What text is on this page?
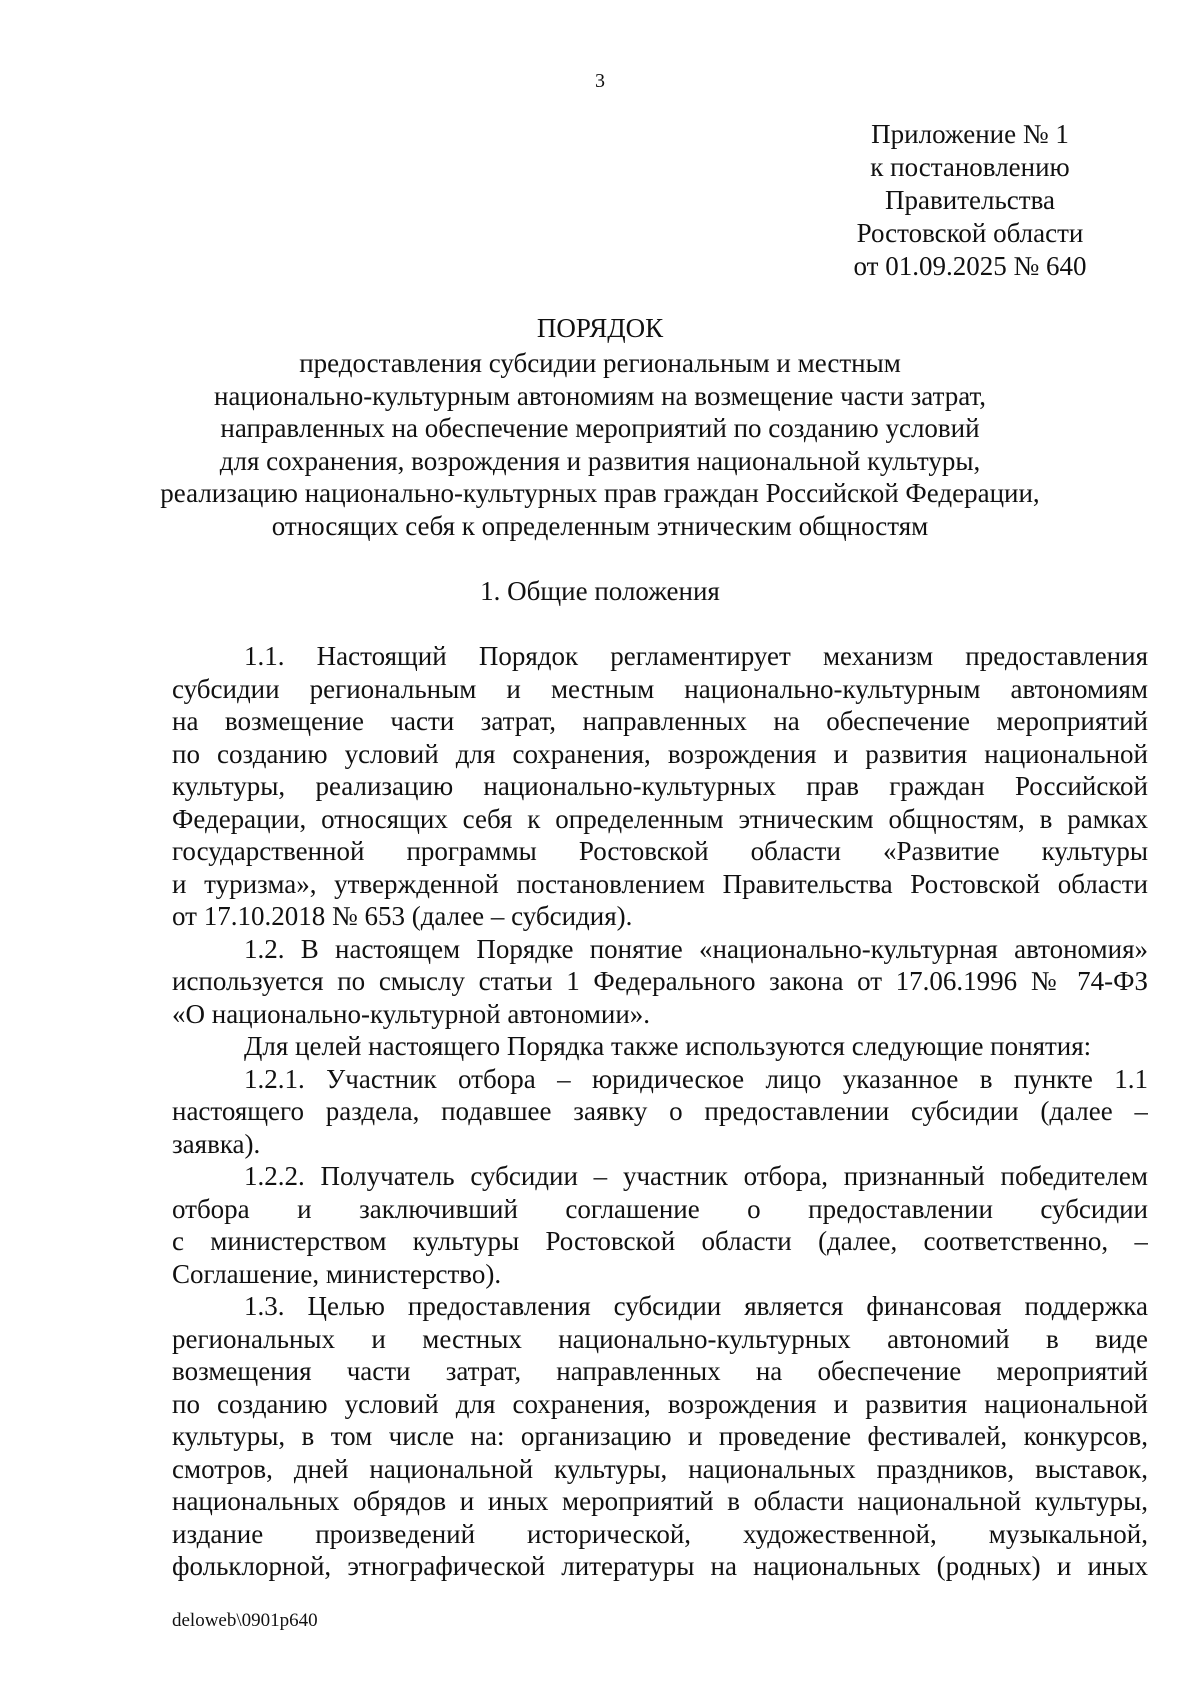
3
Приложение № 1
к постановлению
Правительства
Ростовской области
от 01.09.2025 № 640
ПОРЯДОК
предоставления субсидии региональным и местным
национально-культурным автономиям на возмещение части затрат,
направленных на обеспечение мероприятий по созданию условий
для сохранения, возрождения и развития национальной культуры,
реализацию национально-культурных прав граждан Российской Федерации,
относящих себя к определенным этническим общностям
1. Общие положения
1.1. Настоящий Порядок регламентирует механизм предоставления
субсидии региональным и местным национально-культурным автономиям
на возмещение части затрат, направленных на обеспечение мероприятий
по созданию условий для сохранения, возрождения и развития национальной
культуры, реализацию национально-культурных прав граждан Российской
Федерации, относящих себя к определенным этническим общностям, в рамках
государственной программы Ростовской области «Развитие культуры
и туризма», утвержденной постановлением Правительства Ростовской области
от 17.10.2018 № 653 (далее – субсидия).
1.2. В настоящем Порядке понятие «национально-культурная автономия»
используется по смыслу статьи 1 Федерального закона от 17.06.1996 № 74-ФЗ
«О национально-культурной автономии».
Для целей настоящего Порядка также используются следующие понятия:
1.2.1. Участник отбора – юридическое лицо указанное в пункте 1.1
настоящего раздела, подавшее заявку о предоставлении субсидии (далее –
заявка).
1.2.2. Получатель субсидии – участник отбора, признанный победителем
отбора и заключивший соглашение о предоставлении субсидии
с министерством культуры Ростовской области (далее, соответственно, –
Соглашение, министерство).
1.3. Целью предоставления субсидии является финансовая поддержка
региональных и местных национально-культурных автономий в виде
возмещения части затрат, направленных на обеспечение мероприятий
по созданию условий для сохранения, возрождения и развития национальной
культуры, в том числе на: организацию и проведение фестивалей, конкурсов,
смотров, дней национальной культуры, национальных праздников, выставок,
национальных обрядов и иных мероприятий в области национальной культуры,
издание произведений исторической, художественной, музыкальной,
фольклорной, этнографической литературы на национальных (родных) и иных
deloweb\0901p640
